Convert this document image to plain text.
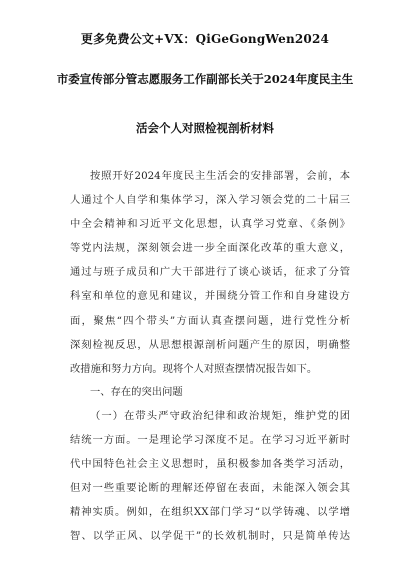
更多免费公文+VX：QiGeGongWen2024
市委宣传部分管志愿服务工作副部长关于2024年度民主生
活会个人对照检视剖析材料
按照开好2024年度民主生活会的安排部署，会前，本
人通过个人自学和集体学习，深入学习领会党的二十届三
中全会精神和习近平文化思想，认真学习党章、《条例》
等党内法规，深刻领会进一步全面深化改革的重大意义，
通过与班子成员和广大干部进行了谈心谈话，征求了分管
科室和单位的意见和建议，并围绕分管工作和自身建设方
面，聚焦“四个带头”方面认真查摆问题，进行党性分析
深刻检视反思，从思想根源剖析问题产生的原因，明确整
改措施和努力方向。现将个人对照查摆情况报告如下。
一、存在的突出问题
（一）在带头严守政治纪律和政治规矩，维护党的团
结统一方面。一是理论学习深度不足。在学习习近平新时
代中国特色社会主义思想时，虽积极参加各类学习活动，
但对一些重要论断的理解还停留在表面，未能深入领会其
精神实质。例如，在组织XX部门学习“以学铸魂、以学增
智、以学正风、以学促干”的长效机制时，只是简单传达
